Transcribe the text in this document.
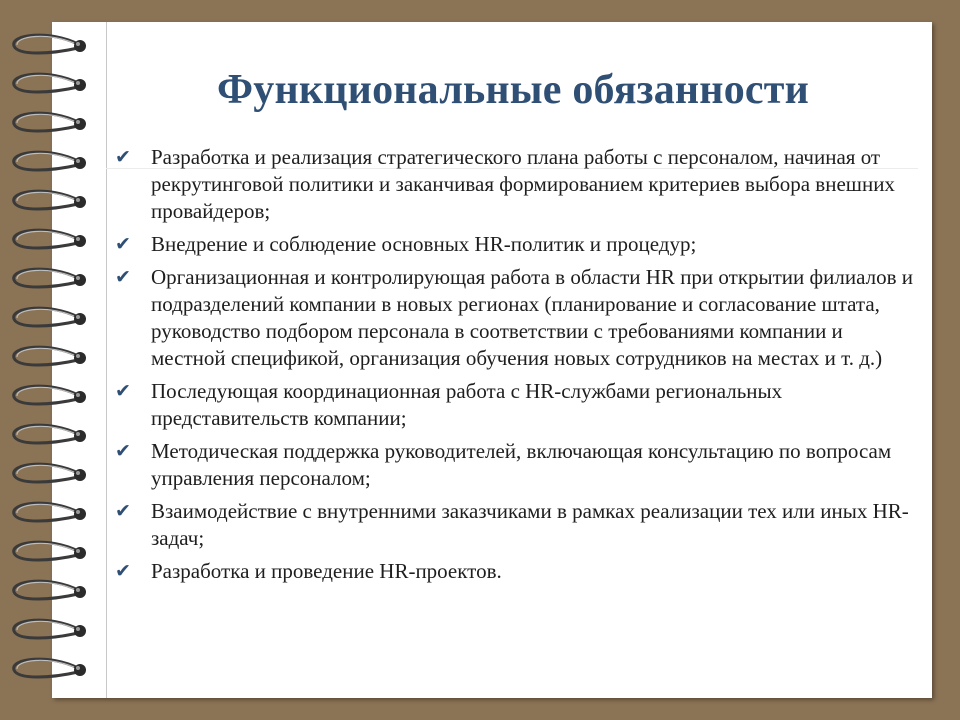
Функциональные обязанности
✔ Разработка и реализация стратегического плана работы с персоналом, начиная от рекрутинговой политики и заканчивая формированием критериев выбора внешних провайдеров;
✔ Внедрение и соблюдение основных HR-политик и процедур;
✔ Организационная и контролирующая работа в области HR при открытии филиалов и подразделений компании в новых регионах (планирование и согласование штата, руководство подбором персонала в соответствии с требованиями компании и местной спецификой, организация обучения новых сотрудников на местах и т. д.)
✔ Последующая координационная работа с HR-службами региональных представительств компании;
✔ Методическая поддержка руководителей, включающая консультацию по вопросам управления персоналом;
✔ Взаимодействие с внутренними заказчиками в рамках реализации тех или иных HR-задач;
✔ Разработка и проведение HR-проектов.
